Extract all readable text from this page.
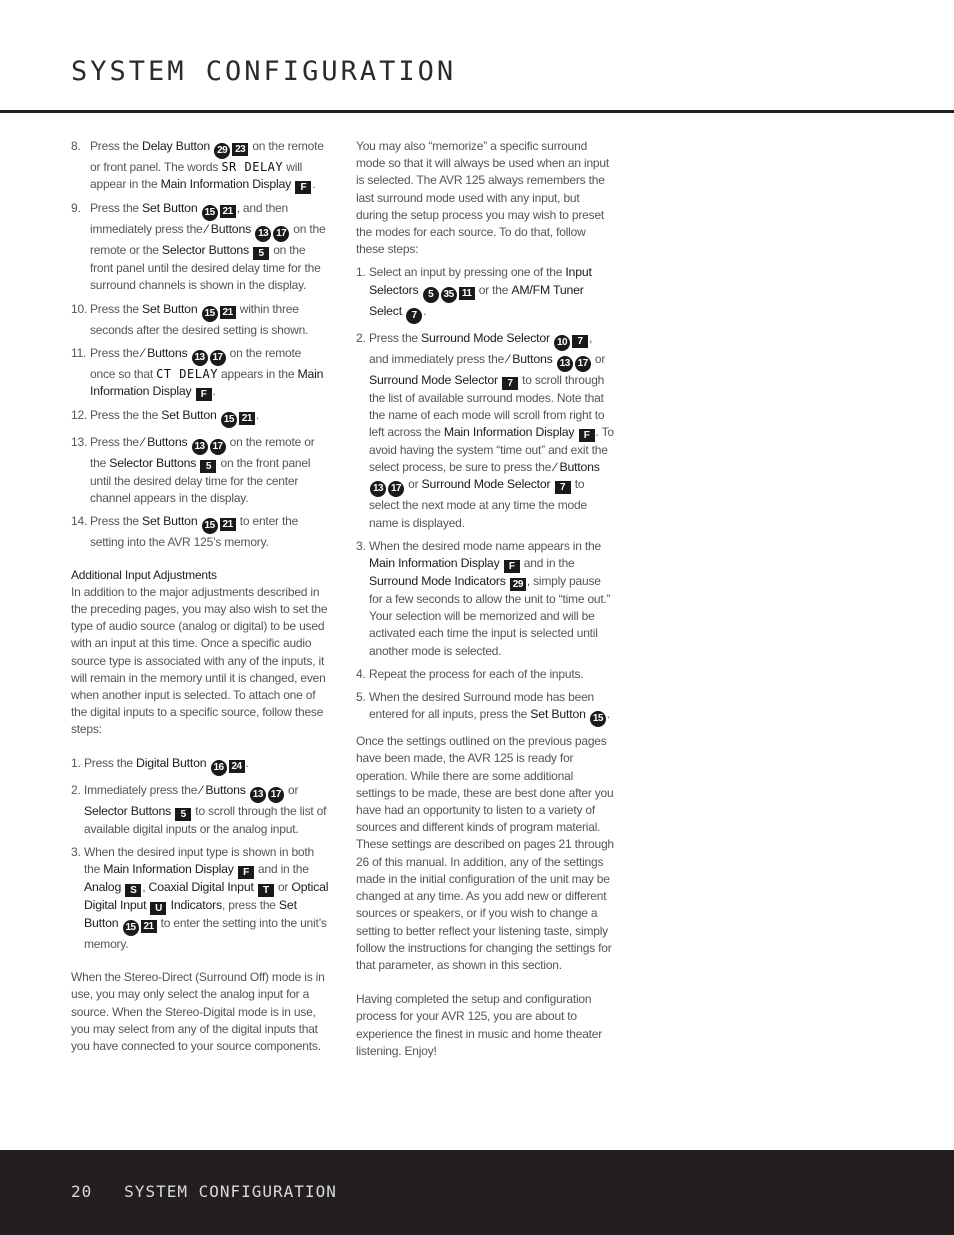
SYSTEM CONFIGURATION
8. Press the Delay Button 29 23 on the remote or front panel. The words SR DELAY will appear in the Main Information Display F .
9. Press the Set Button 15 21 , and then immediately press the ⁄ Buttons 13 17 on the remote or the Selector Buttons 5 on the front panel until the desired delay time for the surround channels is shown in the display.
10. Press the Set Button 15 21 within three seconds after the desired setting is shown.
11. Press the ⁄ Buttons 13 17 on the remote once so that CT DELAY appears in the Main Information Display F .
12. Press the the Set Button 15 21 .
13. Press the ⁄ Buttons 13 17 on the remote or the Selector Buttons 5 on the front panel until the desired delay time for the center channel appears in the display.
14. Press the Set Button 15 21 to enter the setting into the AVR 125’s memory.

Additional Input Adjustments

In addition to the major adjustments described in the preceding pages, you may also wish to set the type of audio source (analog or digital) to be used with an input at this time. Once a specific audio source type is associated with any of the inputs, it will remain in the memory until it is changed, even when another input is selected. To attach one of the digital inputs to a specific source, follow these steps:

1. Press the Digital Button 16 24 .
2. Immediately press the ⁄ Buttons 13 17 or Selector Buttons 5 to scroll through the list of available digital inputs or the analog input.
3. When the desired input type is shown in both the Main Information Display F and in the Analog S , Coaxial Digital Input T or Optical Digital Input U Indicators, press the Set Button 15 21 to enter the setting into the unit’s memory.

When the Stereo-Direct (Surround Off) mode is in use, you may only select the analog input for a source. When the Stereo-Digital mode is in use, you may select from any of the digital inputs that you have connected to your source components.

You may also “memorize” a specific surround mode so that it will always be used when an input is selected. The AVR 125 always remembers the last surround mode used with any input, but during the setup process you may wish to preset the modes for each source. To do that, follow these steps:

1. Select an input by pressing one of the Input Selectors 5 35 11 or the AM/FM Tuner Select 7 .
2. Press the Surround Mode Selector 10 7 , and immediately press the ⁄ Buttons 13 17 or Surround Mode Selector 7 to scroll through the list of available surround modes. Note that the name of each mode will scroll from right to left across the Main Information Display F . To avoid having the system “time out” and exit the select process, be sure to press the ⁄ Buttons 13 17 or Surround Mode Selector 7 to select the next mode at any time the mode name is displayed.
3. When the desired mode name appears in the Main Information Display F and in the Surround Mode Indicators 29 , simply pause for a few seconds to allow the unit to “time out.” Your selection will be memorized and will be activated each time the input is selected until another mode is selected.
4. Repeat the process for each of the inputs.
5. When the desired Surround mode has been entered for all inputs, press the Set Button 15 .

Once the settings outlined on the previous pages have been made, the AVR 125 is ready for operation. While there are some additional settings to be made, these are best done after you have had an opportunity to listen to a variety of sources and different kinds of program material. These settings are described on pages 21 through 26 of this manual. In addition, any of the settings made in the initial configuration of the unit may be changed at any time. As you add new or different sources or speakers, or if you wish to change a setting to better reflect your listening taste, simply follow the instructions for changing the settings for that parameter, as shown in this section.

Having completed the setup and configuration process for your AVR 125, you are about to experience the finest in music and home theater listening. Enjoy!

20 SYSTEM CONFIGURATION
